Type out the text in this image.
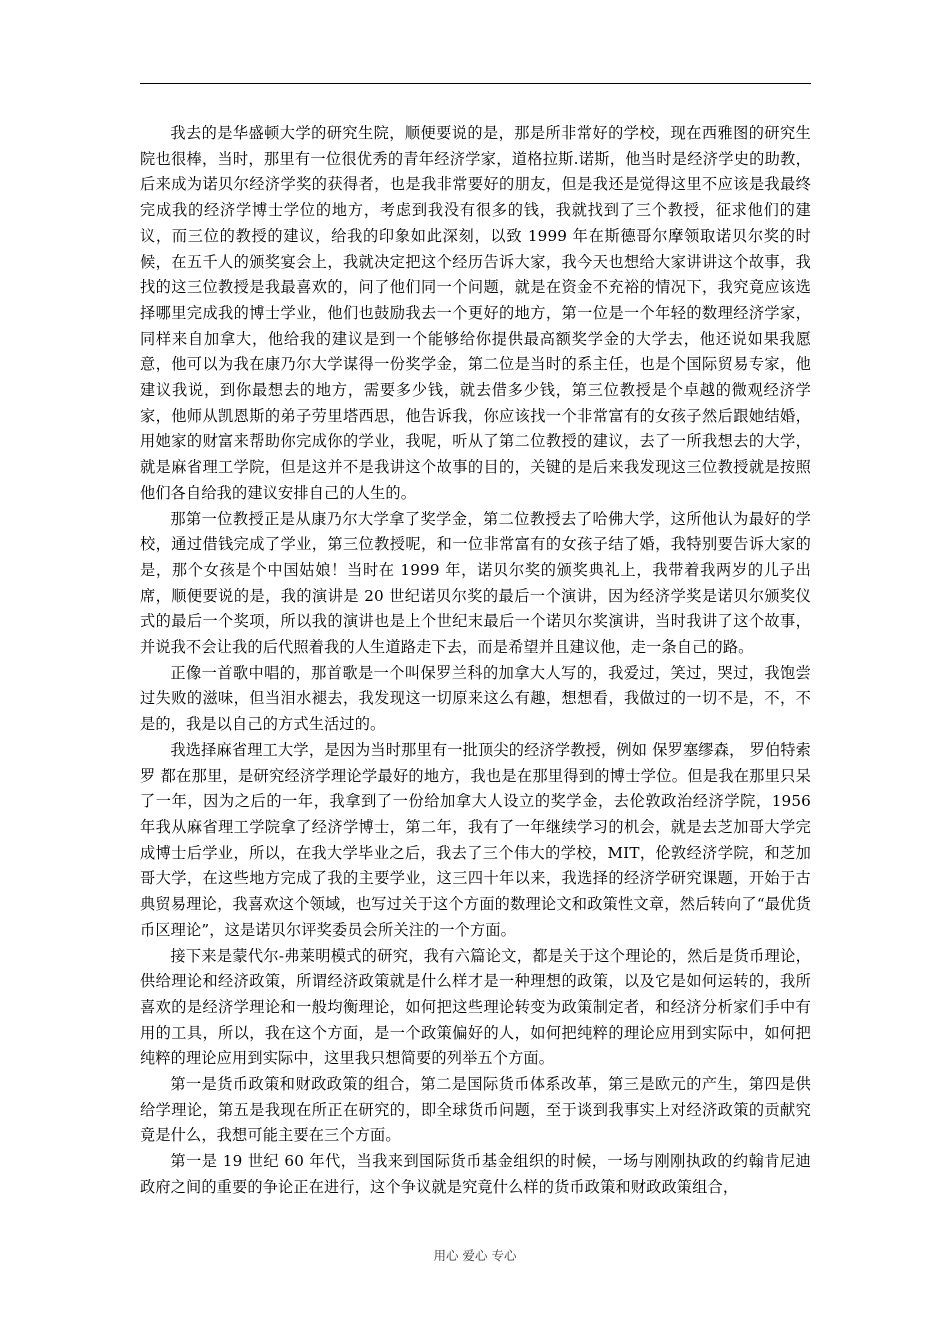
我去的是华盛顿大学的研究生院，顺便要说的是，那是所非常好的学校，现在西雅图的研究生院也很棒，当时，那里有一位很优秀的青年经济学家，道格拉斯.诺斯，他当时是经济学史的助教，后来成为诺贝尔经济学奖的获得者，也是我非常要好的朋友，但是我还是觉得这里不应该是我最终完成我的经济学博士学位的地方，考虑到我没有很多的钱，我就找到了三个教授，征求他们的建议，而三位的教授的建议，给我的印象如此深刻，以致 1999 年在斯德哥尔摩领取诺贝尔奖的时候，在五千人的颁奖宴会上，我就决定把这个经历告诉大家，我今天也想给大家讲讲这个故事，我找的这三位教授是我最喜欢的，问了他们同一个问题，就是在资金不充裕的情况下，我究竟应该选择哪里完成我的博士学业，他们也鼓励我去一个更好的地方，第一位是一个年轻的数理经济学家，同样来自加拿大，他给我的建议是到一个能够给你提供最高额奖学金的大学去，他还说如果我愿意，他可以为我在康乃尔大学谋得一份奖学金，第二位是当时的系主任，也是个国际贸易专家，他建议我说，到你最想去的地方，需要多少钱，就去借多少钱，第三位教授是个卓越的微观经济学家，他师从凯恩斯的弟子劳里塔西思，他告诉我，你应该找一个非常富有的女孩子然后跟她结婚，用她家的财富来帮助你完成你的学业，我呢，听从了第二位教授的建议，去了一所我想去的大学，就是麻省理工学院，但是这并不是我讲这个故事的目的，关键的是后来我发现这三位教授就是按照他们各自给我的建议安排自己的人生的。

那第一位教授正是从康乃尔大学拿了奖学金，第二位教授去了哈佛大学，这所他认为最好的学校，通过借钱完成了学业，第三位教授呢，和一位非常富有的女孩子结了婚，我特别要告诉大家的是，那个女孩是个中国姑娘！当时在 1999 年，诺贝尔奖的颁奖典礼上，我带着我两岁的儿子出席，顺便要说的是，我的演讲是 20 世纪诺贝尔奖的最后一个演讲，因为经济学奖是诺贝尔颁奖仪式的最后一个奖项，所以我的演讲也是上个世纪末最后一个诺贝尔奖演讲，当时我讲了这个故事，并说我不会让我的后代照着我的人生道路走下去，而是希望并且建议他，走一条自己的路。

正像一首歌中唱的，那首歌是一个叫保罗兰科的加拿大人写的，我爱过，笑过，哭过，我饱尝过失败的滋味，但当泪水褪去，我发现这一切原来这么有趣，想想看，我做过的一切不是，不，不是的，我是以自己的方式生活过的。

我选择麻省理工大学，是因为当时那里有一批顶尖的经济学教授，例如 保罗塞缪森， 罗伯特索罗 都在那里，是研究经济学理论学最好的地方，我也是在那里得到的博士学位。但是我在那里只呆了一年，因为之后的一年，我拿到了一份给加拿大人设立的奖学金，去伦敦政治经济学院，1956 年我从麻省理工学院拿了经济学博士，第二年，我有了一年继续学习的机会，就是去芝加哥大学完成博士后学业，所以，在我大学毕业之后，我去了三个伟大的学校，MIT，伦敦经济学院，和芝加哥大学，在这些地方完成了我的主要学业，这三四十年以来，我选择的经济学研究课题，开始于古典贸易理论，我喜欢这个领域，也写过关于这个方面的数理论文和政策性文章，然后转向了“最优货币区理论”，这是诺贝尔评奖委员会所关注的一个方面。

接下来是蒙代尔-弗莱明模式的研究，我有六篇论文，都是关于这个理论的，然后是货币理论，供给理论和经济政策，所谓经济政策就是什么样才是一种理想的政策，以及它是如何运转的，我所喜欢的是经济学理论和一般均衡理论，如何把这些理论转变为政策制定者，和经济分析家们手中有用的工具，所以，我在这个方面，是一个政策偏好的人，如何把纯粹的理论应用到实际中，如何把纯粹的理论应用到实际中，这里我只想简要的列举五个方面。

第一是货币政策和财政政策的组合，第二是国际货币体系改革，第三是欧元的产生，第四是供给学理论，第五是我现在所正在研究的，即全球货币问题，至于谈到我事实上对经济政策的贡献究竟是什么，我想可能主要在三个方面。

第一是 19 世纪 60 年代，当我来到国际货币基金组织的时候，一场与刚刚执政的约翰肯尼迪政府之间的重要的争论正在进行，这个争议就是究竟什么样的货币政策和财政政策组合，

用心 爱心 专心
